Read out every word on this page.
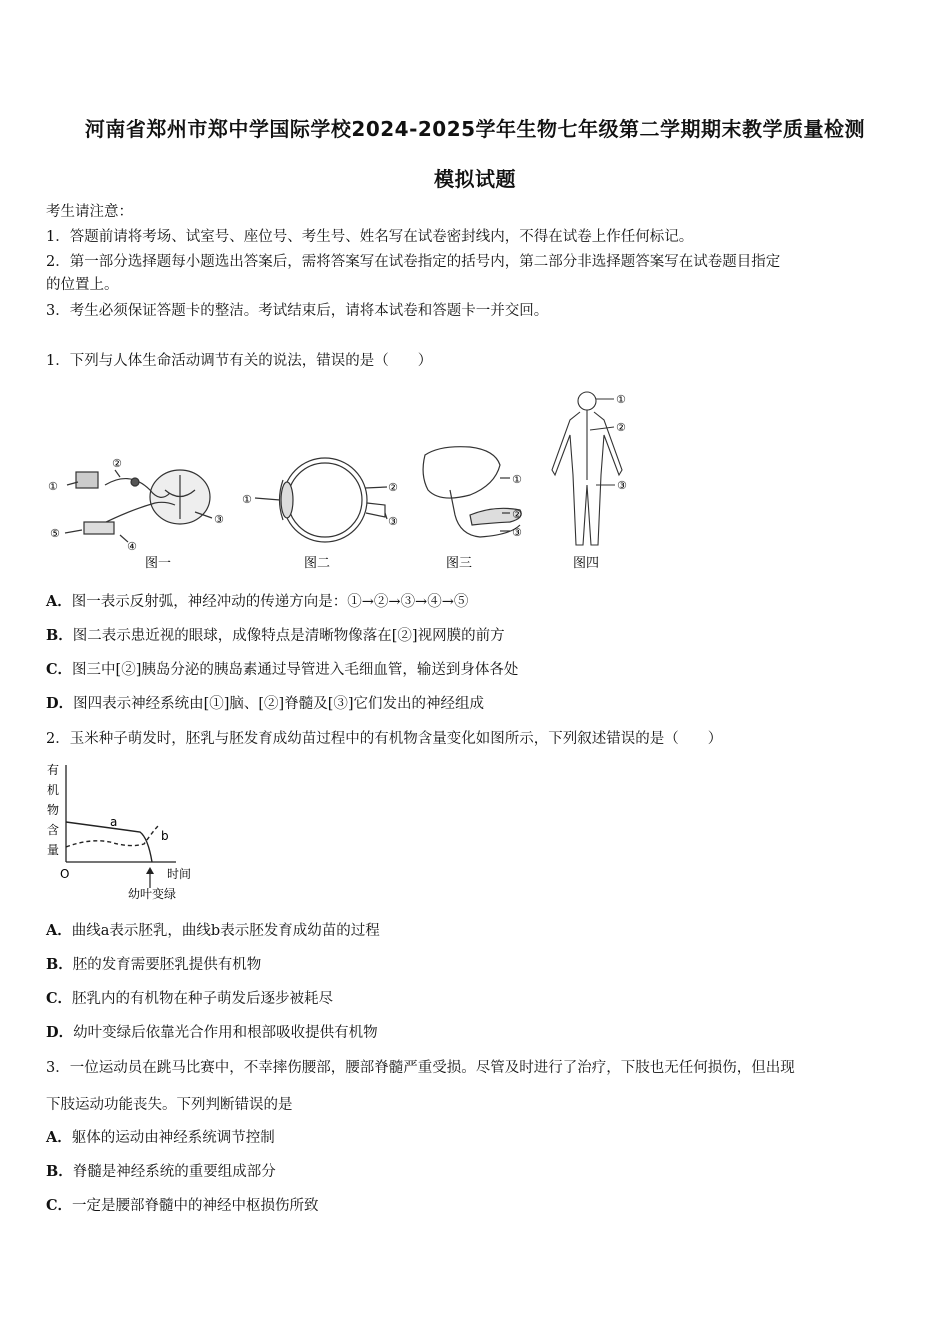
河南省郑州市郑中学国际学校2024-2025学年生物七年级第二学期期末教学质量检测
模拟试题
考生请注意：
1．答题前请将考场、试室号、座位号、考生号、姓名写在试卷密封线内，不得在试卷上作任何标记。
2．第一部分选择题每小题选出答案后，需将答案写在试卷指定的括号内，第二部分非选择题答案写在试卷题目指定
的位置上。
3．考生必须保证答题卡的整洁。考试结束后，请将本试卷和答题卡一并交回。
1．下列与人体生命活动调节有关的说法，错误的是（　　）
①
②
③
④
⑤
图一
①
②
③
图二
①
②
③
图三
①
②
③
图四
A．图一表示反射弧，神经冲动的传递方向是：①→②→③→④→⑤
B．图二表示患近视的眼球，成像特点是清晰物像落在[②]视网膜的前方
C．图三中[②]胰岛分泌的胰岛素通过导管进入毛细血管，输送到身体各处
D．图四表示神经系统由[①]脑、[②]脊髓及[③]它们发出的神经组成
2．玉米种子萌发时，胚乳与胚发育成幼苗过程中的有机物含量变化如图所示，下列叙述错误的是（　　）
有
机
物
含
量
a
b
O	时间
幼叶变绿
A．曲线a表示胚乳，曲线b表示胚发育成幼苗的过程
B．胚的发育需要胚乳提供有机物
C．胚乳内的有机物在种子萌发后逐步被耗尽
D．幼叶变绿后依靠光合作用和根部吸收提供有机物
3．一位运动员在跳马比赛中，不幸摔伤腰部，腰部脊髓严重受损。尽管及时进行了治疗，下肢也无任何损伤，但出现
下肢运动功能丧失。下列判断错误的是
A．躯体的运动由神经系统调节控制
B．脊髓是神经系统的重要组成部分
C．一定是腰部脊髓中的神经中枢损伤所致
